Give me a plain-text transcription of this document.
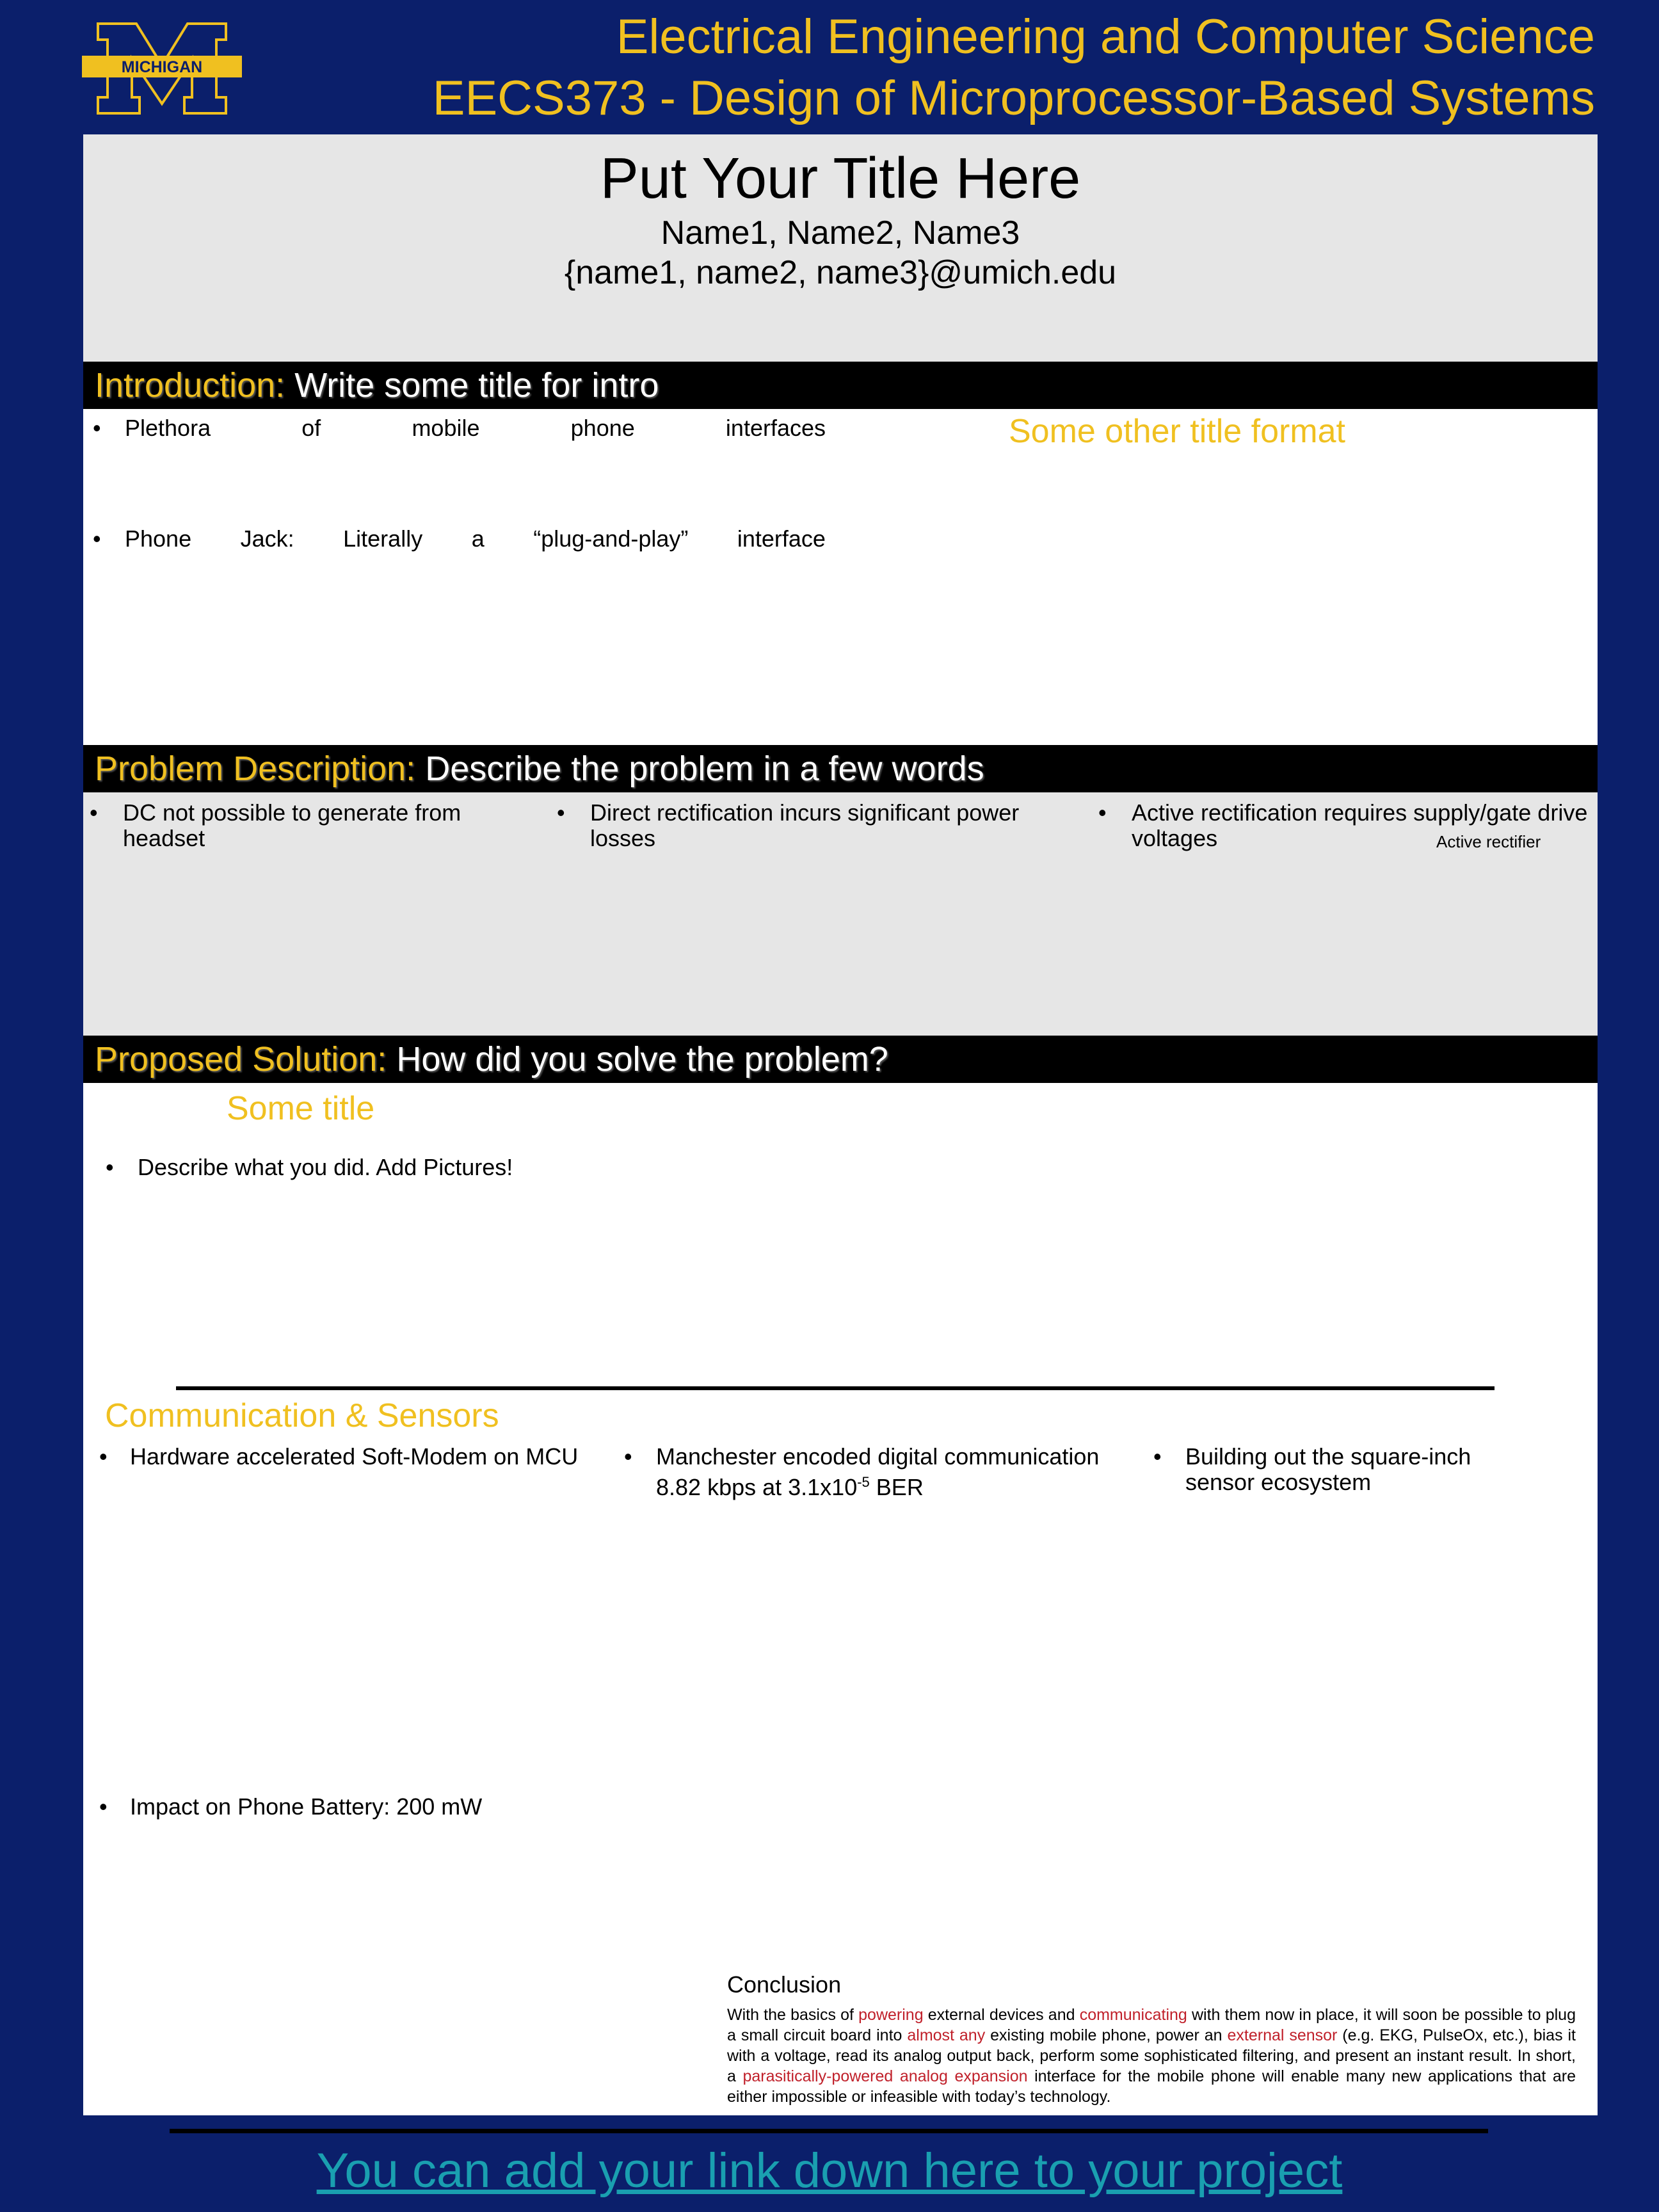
MICHIGAN
Electrical Engineering and Computer Science
EECS373 - Design of Microprocessor-Based Systems
Put Your Title Here
Name1, Name2, Name3
{name1, name2, name3}@umich.edu
Introduction: Write some title for intro
• Plethora	of	mobile	phone	interfaces
• Phone Jack: Literally a “plug-and-play” interface
Some other title format
Problem Description: Describe the problem in a few words
• DC not possible to generate from headset
• Direct rectification incurs significant power losses
• Active rectification requires supply/gate drive voltages	Active rectifier
Proposed Solution: How did you solve the problem?
Some title
• Describe what you did. Add Pictures!
Communication & Sensors
• Hardware accelerated Soft-Modem on MCU	• Manchester encoded digital communication
8.82 kbps at $3.1x10^{-5}$ BER
• Building out the square-inch sensor ecosystem
• Impact on Phone Battery: 200 mW
Conclusion
With the basics of powering external devices and communicating with them now in place, it will soon be possible to plug a small circuit board into almost any existing mobile phone, power an external sensor (e.g. EKG, PulseOx, etc.), bias it with a voltage, read its analog output back, perform some sophisticated filtering, and present an instant result. In short, a parasitically-powered analog expansion interface for the mobile phone will enable many new applications that are either impossible or infeasible with today’s technology.
You can add your link down here to your project
